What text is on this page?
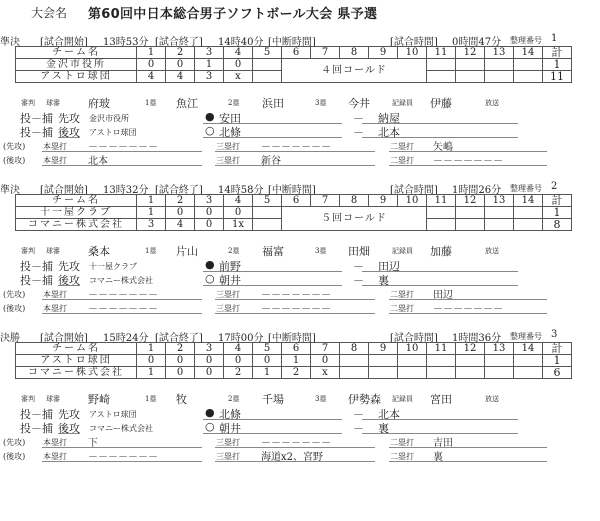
大会名 第60回中日本総合男子ソフトボール大会 県予選
準決 [試合開始] 13時53分 [試合終了] 14時40分 [中断時間]	[試合時間] 0時間47分 整理番号 1
チーム名	1	2	3	4	5	6	7	8	9	10	11	12	13	14	計
金沢市役所	0	0	1	0		４回コールド									1
アストロ球団	4	4	3	x											11
審判 球審	府玻	1塁 魚江	2塁 浜田	3塁 今井	記録員 伊藤	放送
投－捕 先攻 金沢市役所	● 安田	－ 納屋
投－捕 後攻 アストロ球団	○ 北條	－ 北本
(先攻) 本塁打 －－－－－－－	三塁打 －－－－－－－	二塁打 矢嶋
(後攻) 本塁打 北本	三塁打 新谷	二塁打 －－－－－－－
準決 [試合開始] 13時32分 [試合終了] 14時58分 [中断時間]	[試合時間] 1時間26分 整理番号 2
チーム名	1	2	3	4	5	6	7	8	9	10	11	12	13	14	計
十一屋クラブ	1	0	0	0		５回コールド									1
コマニー株式会社	3	4	0	1x											8
審判 球審	桑本	1塁 片山	2塁 福富	3塁 田畑	記録員 加藤	放送
投－捕 先攻 十一屋クラブ	● 前野	－ 田辺
投－捕 後攻 コマニー株式会社	○ 朝井	－ 裏
(先攻) 本塁打 －－－－－－－	三塁打 －－－－－－－	二塁打 田辺
(後攻) 本塁打 －－－－－－－	三塁打 －－－－－－－	二塁打 －－－－－－－
決勝 [試合開始] 15時24分 [試合終了] 17時00分 [中断時間]	[試合時間] 1時間36分 整理番号 3
チーム名	1	2	3	4	5	6	7	8	9	10	11	12	13	14	計
アストロ球団	0	0	0	0	0	1	0								1
コマニー株式会社	1	0	0	2	1	2	x								6
審判 球審	野崎	1塁 牧	2塁 千場	3塁 伊勢森 記録員 宮田	放送
投－捕 先攻 アストロ球団	● 北條	－ 北本
投－捕 後攻 コマニー株式会社	○ 朝井	－ 裏
(先攻) 本塁打 下	三塁打 －－－－－－－	二塁打 吉田
(後攻) 本塁打 －－－－－－－	三塁打 海道x2、宮野	二塁打 裏
